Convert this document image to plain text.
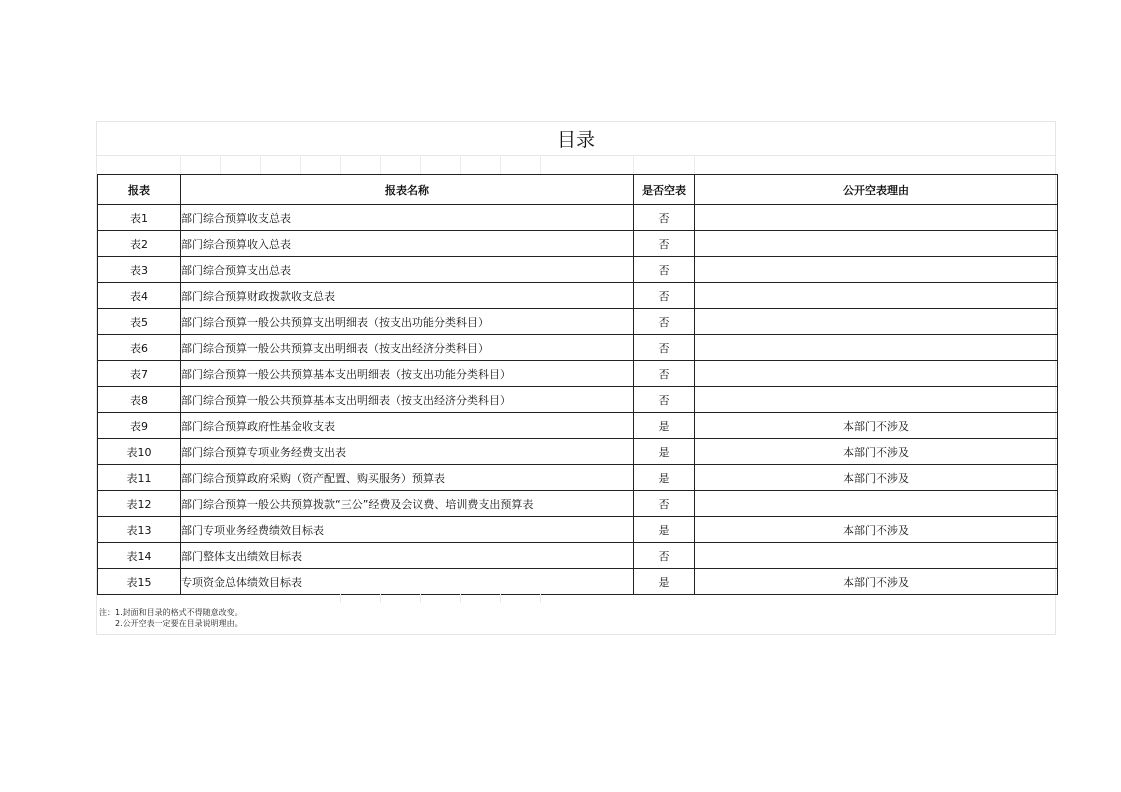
目录
报表	报表名称	是否空表	公开空表理由
表1	部门综合预算收支总表	否	
表2	部门综合预算收入总表	否	
表3	部门综合预算支出总表	否	
表4	部门综合预算财政拨款收支总表	否	
表5	部门综合预算一般公共预算支出明细表（按支出功能分类科目）	否	
表6	部门综合预算一般公共预算支出明细表（按支出经济分类科目）	否	
表7	部门综合预算一般公共预算基本支出明细表（按支出功能分类科目）	否	
表8	部门综合预算一般公共预算基本支出明细表（按支出经济分类科目）	否	
表9	部门综合预算政府性基金收支表	是	本部门不涉及
表10	部门综合预算专项业务经费支出表	是	本部门不涉及
表11	部门综合预算政府采购（资产配置、购买服务）预算表	是	本部门不涉及
表12	部门综合预算一般公共预算拨款“三公”经费及会议费、培训费支出预算表	否	
表13	部门专项业务经费绩效目标表	是	本部门不涉及
表14	部门整体支出绩效目标表	否	
表15	专项资金总体绩效目标表	是	本部门不涉及
注：1.封面和目录的格式不得随意改变。
2.公开空表一定要在目录说明理由。
